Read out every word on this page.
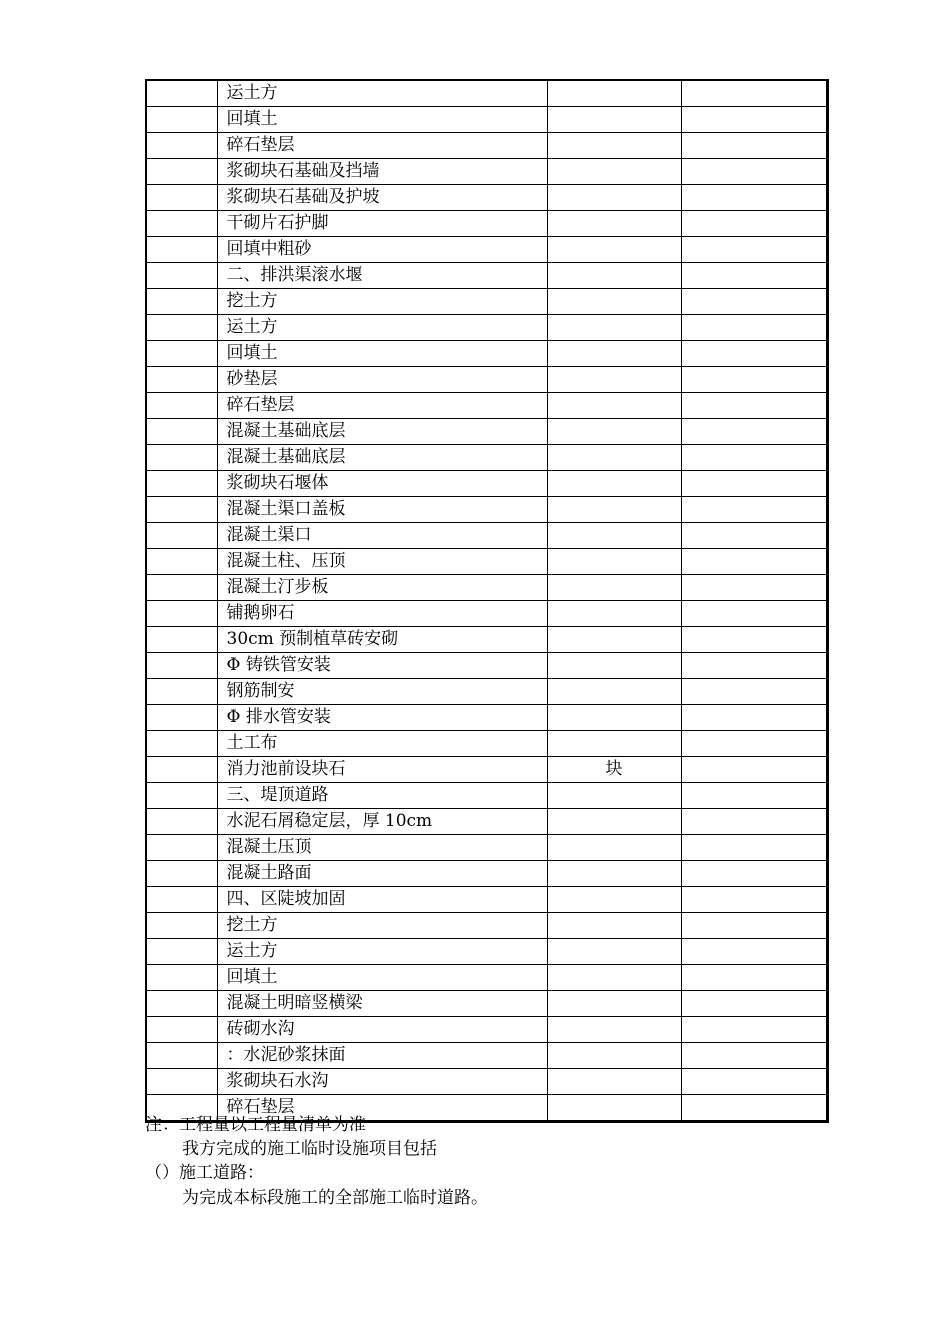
	运土方		
	回填土		
	碎石垫层		
	浆砌块石基础及挡墙		
	浆砌块石基础及护坡		
	干砌片石护脚		
	回填中粗砂		
	二、排洪渠滚水堰		
	挖土方		
	运土方		
	回填土		
	砂垫层		
	碎石垫层		
	混凝土基础底层		
	混凝土基础底层		
	浆砌块石堰体		
	混凝土渠口盖板		
	混凝土渠口		
	混凝土柱、压顶		
	混凝土汀步板		
	铺鹅卵石		
	30cm 预制植草砖安砌		
	Φ 铸铁管安装		
	钢筋制安		
	Φ 排水管安装		
	土工布		
	消力池前设块石	块	
	三、堤顶道路		
	水泥石屑稳定层，厚 10cm		
	混凝土压顶		
	混凝土路面		
	四、区陡坡加固		
	挖土方		
	运土方		
	回填土		
	混凝土明暗竖横梁		
	砖砌水沟		
	：水泥砂浆抹面		
	浆砌块石水沟		
	碎石垫层		
注：工程量以工程量清单为准
我方完成的施工临时设施项目包括
（）施工道路：
为完成本标段施工的全部施工临时道路。
